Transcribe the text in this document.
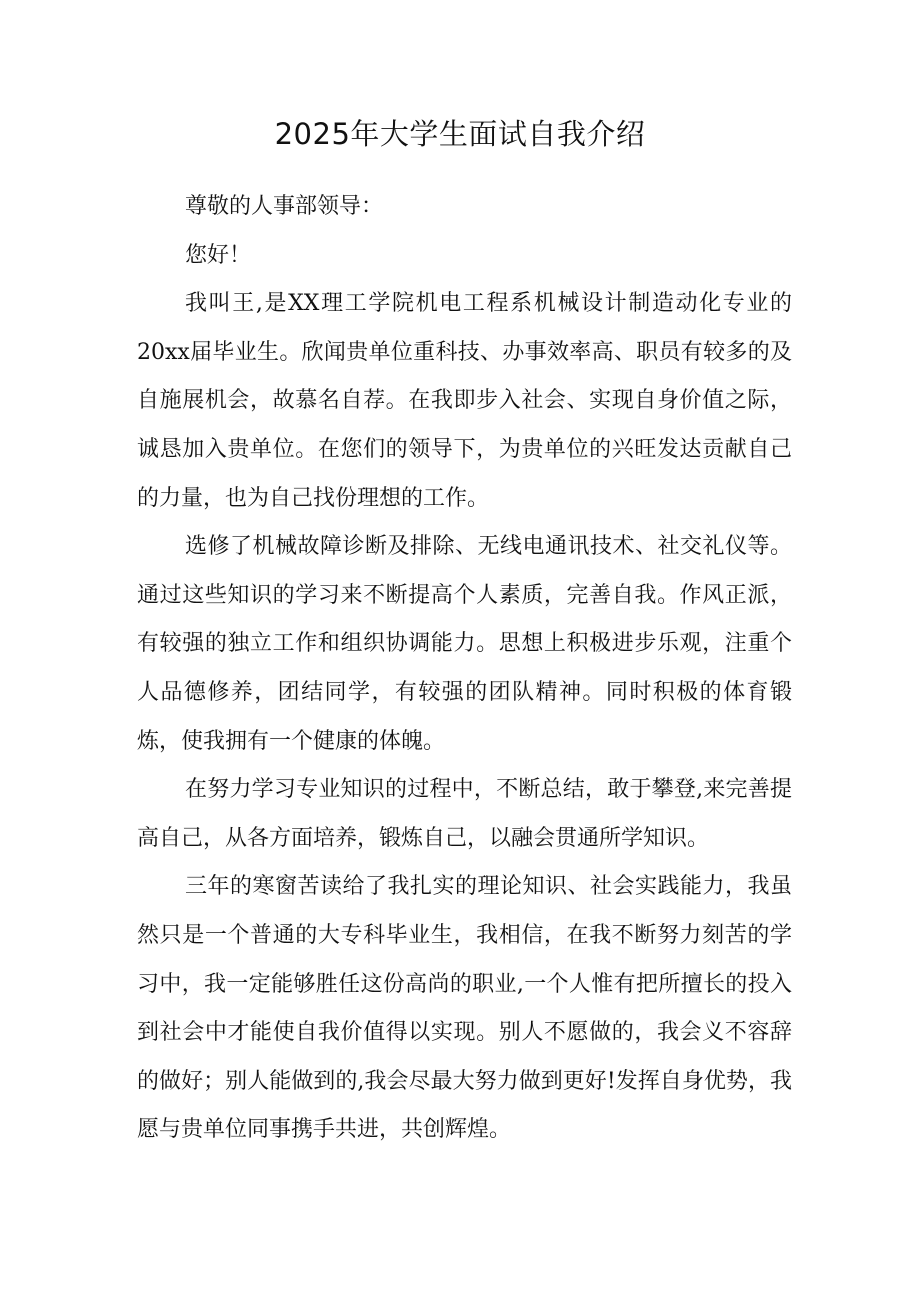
2025年大学生面试自我介绍

尊敬的人事部领导：

您好！

我叫王,是XX理工学院机电工程系机械设计制造动化专业的20xx届毕业生。欣闻贵单位重科技、办事效率高、职员有较多的及自施展机会，故慕名自荐。在我即步入社会、实现自身价值之际，诚恳加入贵单位。在您们的领导下，为贵单位的兴旺发达贡献自己的力量，也为自己找份理想的工作。

选修了机械故障诊断及排除、无线电通讯技术、社交礼仪等。通过这些知识的学习来不断提高个人素质，完善自我。作风正派，有较强的独立工作和组织协调能力。思想上积极进步乐观，注重个人品德修养，团结同学，有较强的团队精神。同时积极的体育锻炼，使我拥有一个健康的体魄。

在努力学习专业知识的过程中，不断总结，敢于攀登,来完善提高自己，从各方面培养，锻炼自己，以融会贯通所学知识。

三年的寒窗苦读给了我扎实的理论知识、社会实践能力，我虽然只是一个普通的大专科毕业生，我相信，在我不断努力刻苦的学习中，我一定能够胜任这份高尚的职业,一个人惟有把所擅长的投入到社会中才能使自我价值得以实现。别人不愿做的，我会义不容辞的做好；别人能做到的,我会尽最大努力做到更好!发挥自身优势，我愿与贵单位同事携手共进，共创辉煌。
